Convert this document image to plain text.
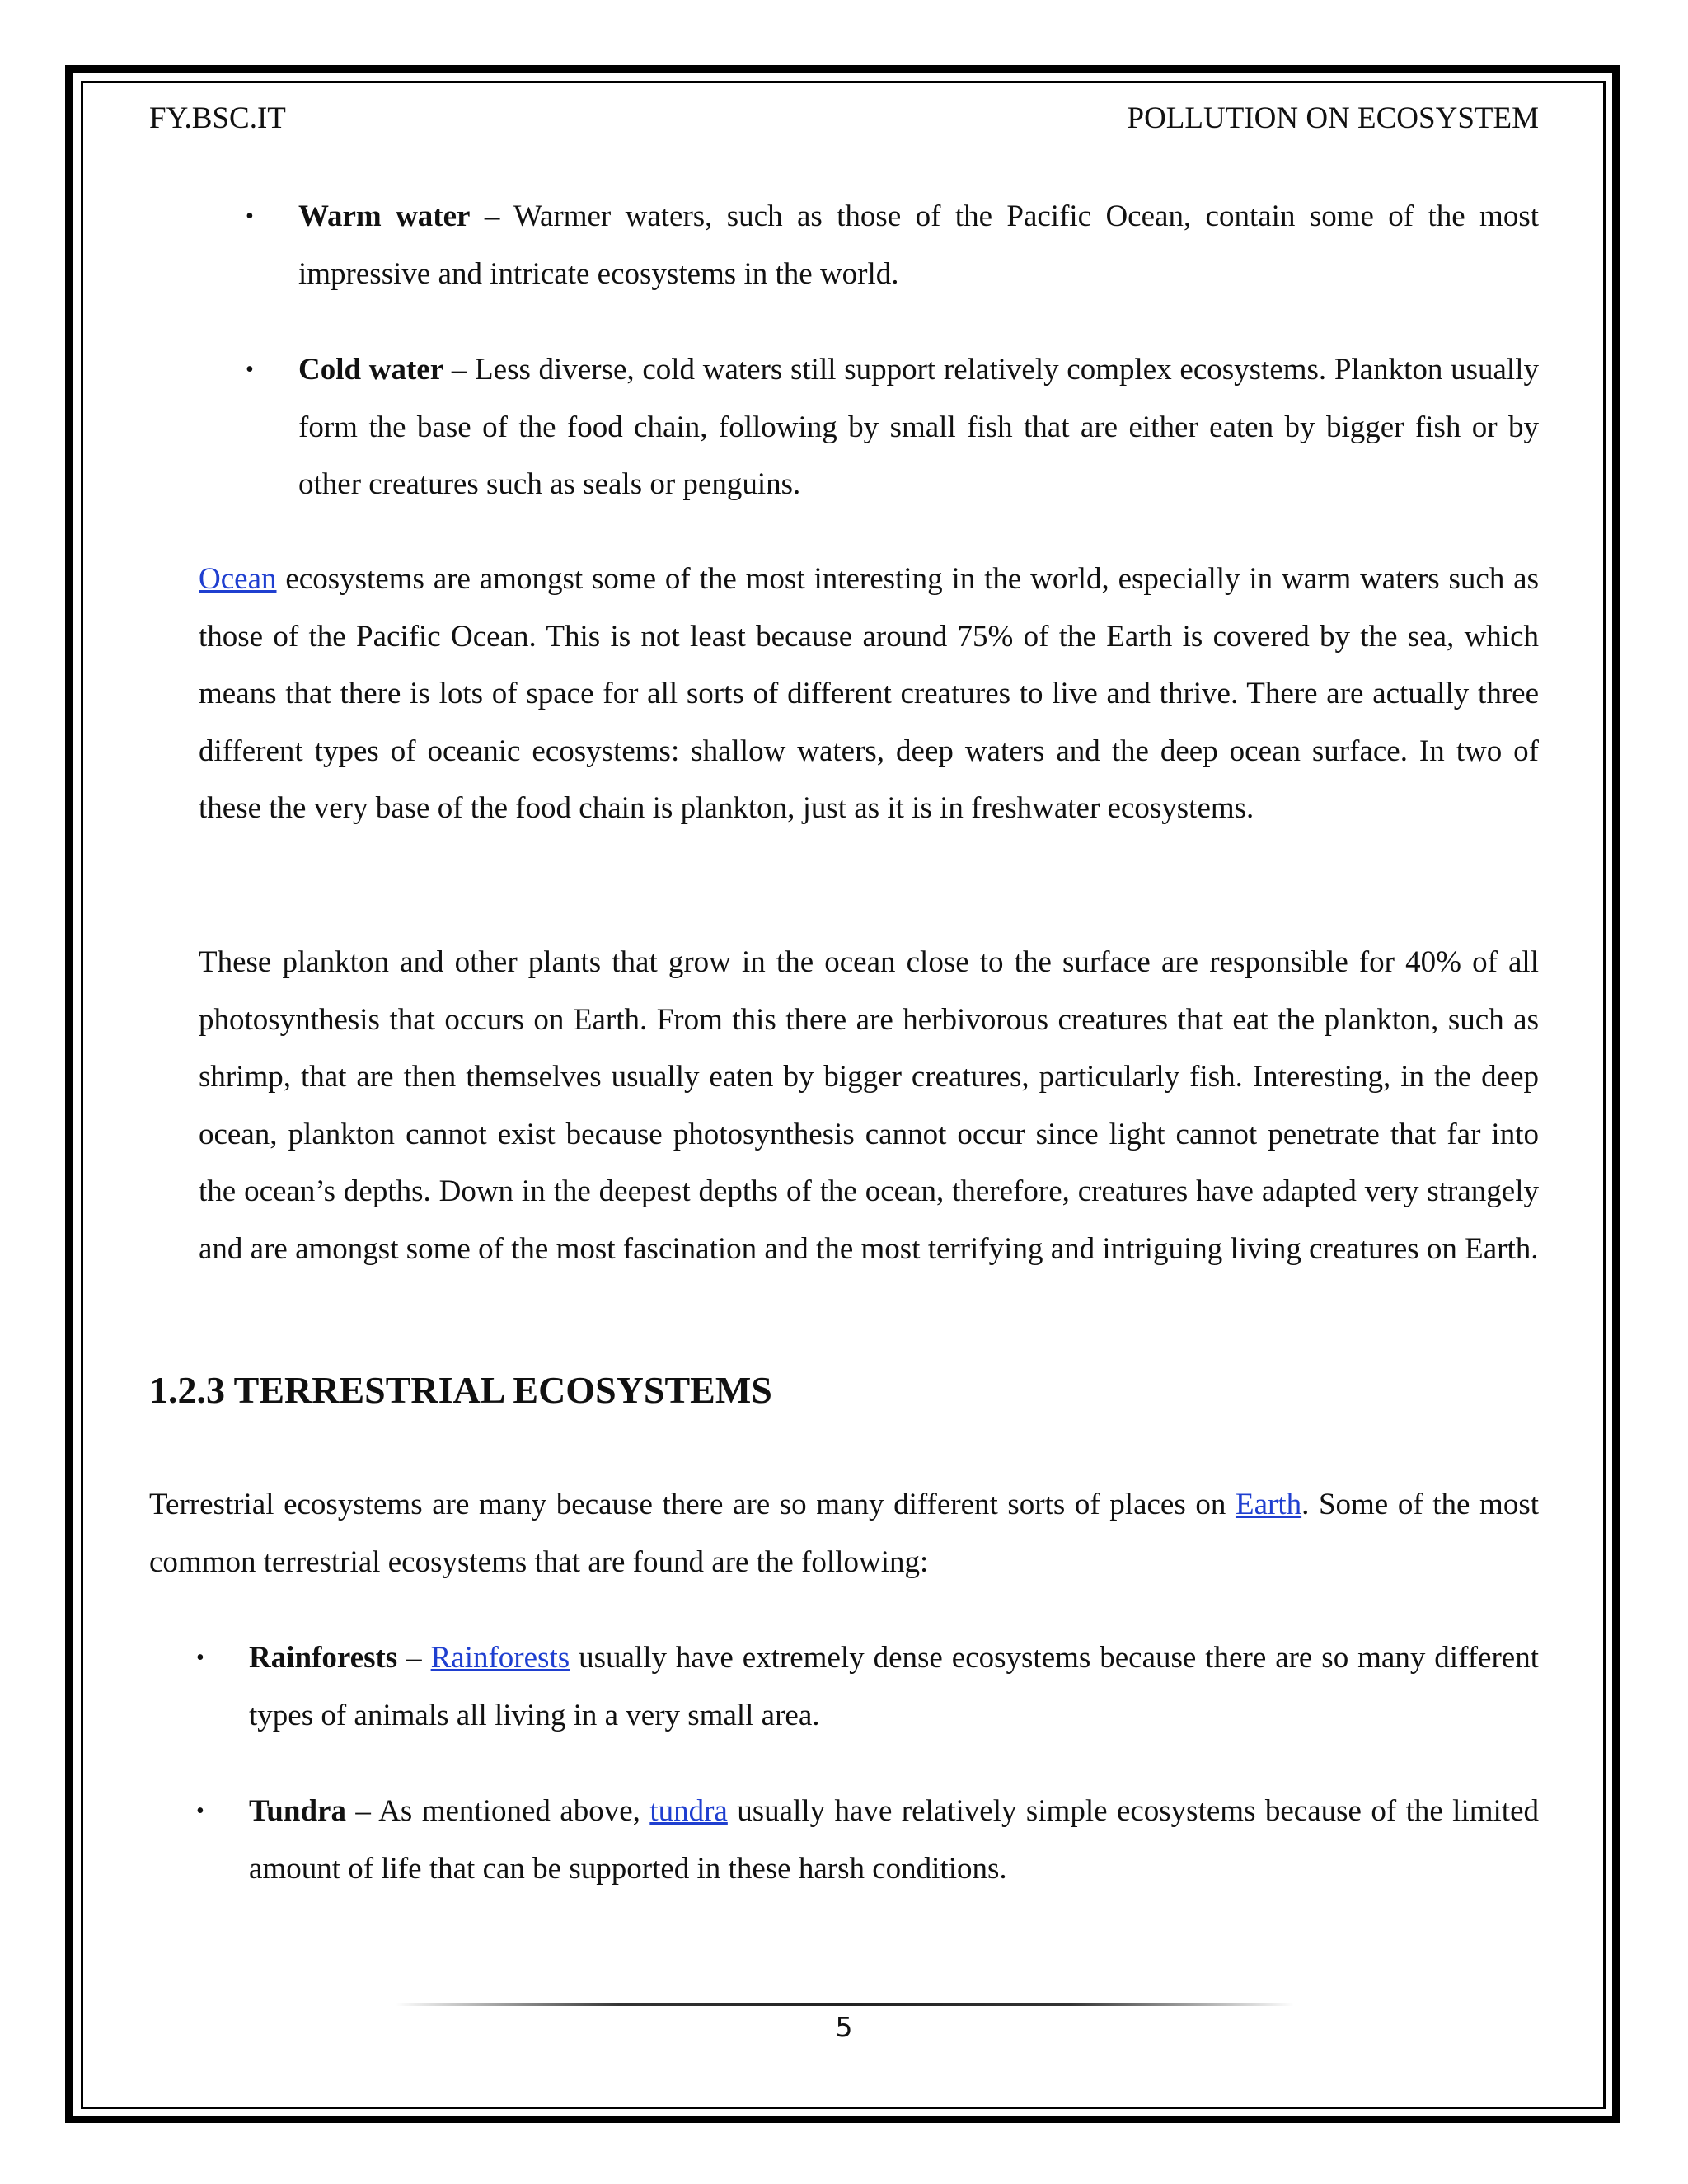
FY.BSC.IT	POLLUTION ON ECOSYSTEM
• Warm water – Warmer waters, such as those of the Pacific Ocean, contain some of the most impressive and intricate ecosystems in the world.
• Cold water – Less diverse, cold waters still support relatively complex ecosystems. Plankton usually form the base of the food chain, following by small fish that are either eaten by bigger fish or by other creatures such as seals or penguins.

Ocean ecosystems are amongst some of the most interesting in the world, especially in warm waters such as those of the Pacific Ocean. This is not least because around 75% of the Earth is covered by the sea, which means that there is lots of space for all sorts of different creatures to live and thrive. There are actually three different types of oceanic ecosystems: shallow waters, deep waters and the deep ocean surface. In two of these the very base of the food chain is plankton, just as it is in freshwater ecosystems.

These plankton and other plants that grow in the ocean close to the surface are responsible for 40% of all photosynthesis that occurs on Earth. From this there are herbivorous creatures that eat the plankton, such as shrimp, that are then themselves usually eaten by bigger creatures, particularly fish. Interesting, in the deep ocean, plankton cannot exist because photosynthesis cannot occur since light cannot penetrate that far into the ocean’s depths. Down in the deepest depths of the ocean, therefore, creatures have adapted very strangely and are amongst some of the most fascination and the most terrifying and intriguing living creatures on Earth.

1.2.3 TERRESTRIAL ECOSYSTEMS

Terrestrial ecosystems are many because there are so many different sorts of places on Earth. Some of the most common terrestrial ecosystems that are found are the following:

• Rainforests – Rainforests usually have extremely dense ecosystems because there are so many different types of animals all living in a very small area.
• Tundra – As mentioned above, tundra usually have relatively simple ecosystems because of the limited amount of life that can be supported in these harsh conditions.
5
